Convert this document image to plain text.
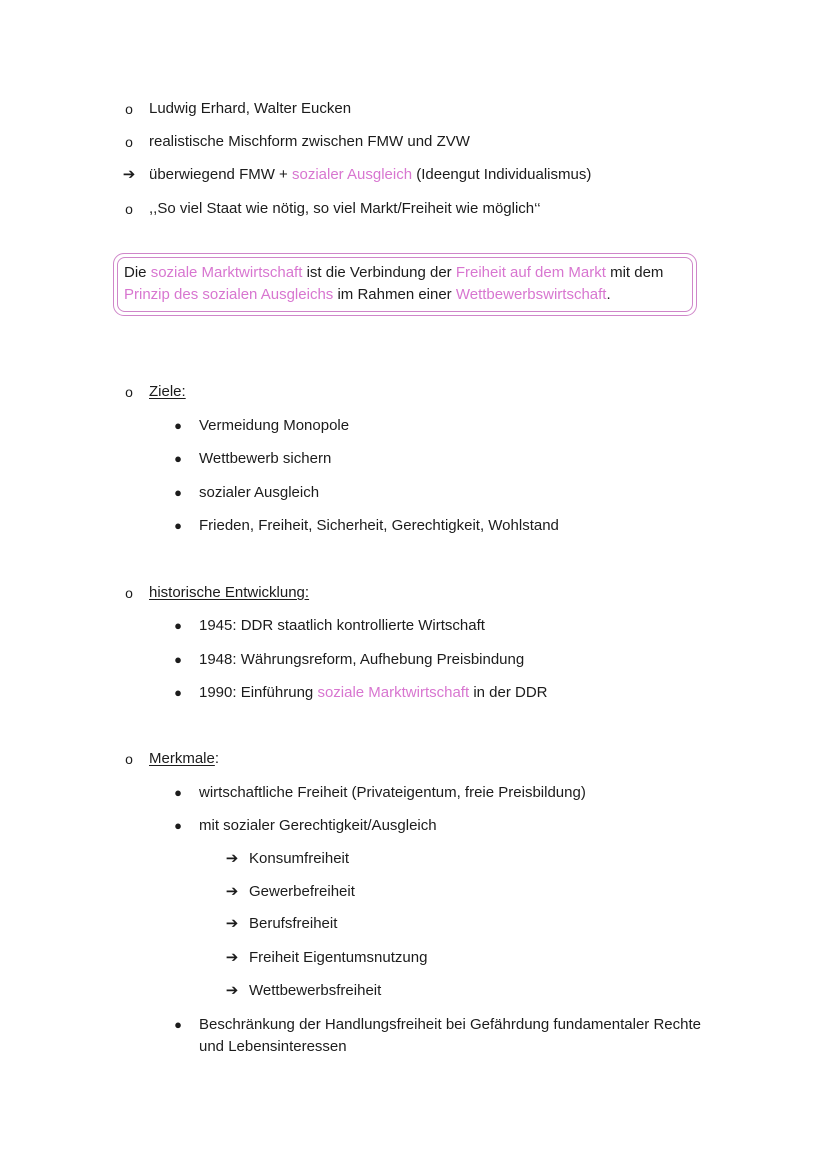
o Ludwig Erhard, Walter Eucken
o realistische Mischform zwischen FMW und ZVW
➔ überwiegend FMW + sozialer Ausgleich (Ideengut Individualismus)
o ,,So viel Staat wie nötig, so viel Markt/Freiheit wie möglich‘‘
Die soziale Marktwirtschaft ist die Verbindung der Freiheit auf dem Markt mit dem
Prinzip des sozialen Ausgleichs im Rahmen einer Wettbewerbswirtschaft.
o Ziele:
● Vermeidung Monopole
● Wettbewerb sichern
● sozialer Ausgleich
● Frieden, Freiheit, Sicherheit, Gerechtigkeit, Wohlstand
o historische Entwicklung:
● 1945: DDR staatlich kontrollierte Wirtschaft
● 1948: Währungsreform, Aufhebung Preisbindung
● 1990: Einführung soziale Marktwirtschaft in der DDR
o Merkmale:
● wirtschaftliche Freiheit (Privateigentum, freie Preisbildung)
● mit sozialer Gerechtigkeit/Ausgleich
➔ Konsumfreiheit
➔ Gewerbefreiheit
➔ Berufsfreiheit
➔ Freiheit Eigentumsnutzung
➔ Wettbewerbsfreiheit
● Beschränkung der Handlungsfreiheit bei Gefährdung fundamentaler Rechte
und Lebensinteressen
